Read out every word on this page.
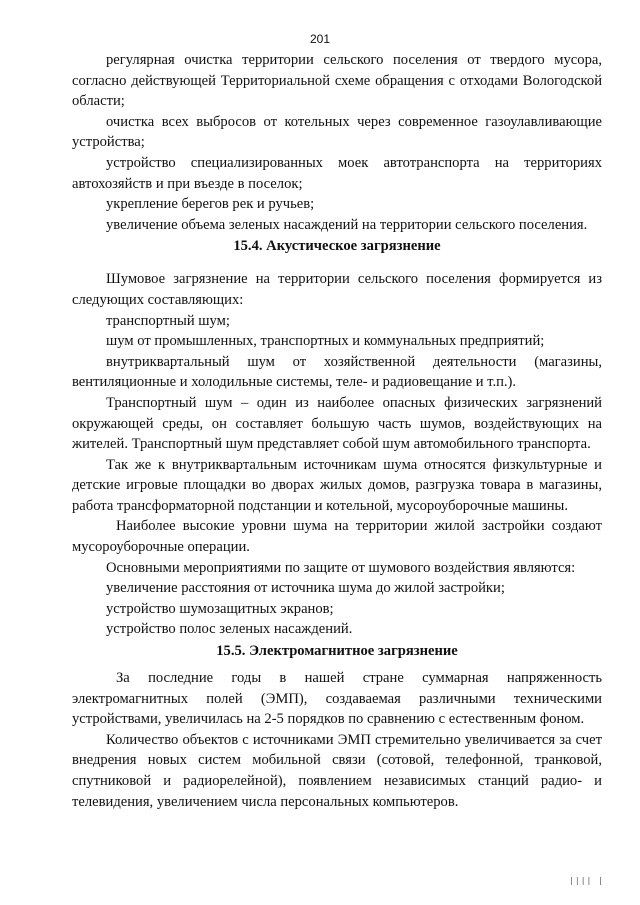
201

регулярная очистка территории сельского поселения от твердого мусора, согласно действующей Территориальной схеме обращения с отходами Вологодской области;

очистка всех выбросов от котельных через современное газоулавливающие устройства;

устройство специализированных моек автотранспорта на территориях автохозяйств и при въезде в поселок;

укрепление берегов рек и ручьев;

увеличение объема зеленых насаждений на территории сельского поселения.

15.4. Акустическое загрязнение

Шумовое загрязнение на территории сельского поселения формируется из следующих составляющих:

транспортный шум;

шум от промышленных, транспортных и коммунальных предприятий;

внутриквартальный шум от хозяйственной деятельности (магазины, вентиляционные и холодильные системы, теле- и радиовещание и т.п.).

Транспортный шум – один из наиболее опасных физических загрязнений окружающей среды, он составляет большую часть шумов, воздействующих на жителей. Транспортный шум представляет собой шум автомобильного транспорта.

Так же к внутриквартальным источникам шума относятся физкультурные и детские игровые площадки во дворах жилых домов, разгрузка товара в магазины, работа трансформаторной подстанции и котельной, мусороуборочные машины.

Наиболее высокие уровни шума на территории жилой застройки создают мусороуборочные операции.

Основными мероприятиями по защите от шумового воздействия являются:

увеличение расстояния от источника шума до жилой застройки;

устройство шумозащитных экранов;

устройство полос зеленых насаждений.

15.5. Электромагнитное загрязнение

За последние годы в нашей стране суммарная напряженность электромагнитных полей (ЭМП), создаваемая различными техническими устройствами, увеличилась на 2-5 порядков по сравнению с естественным фоном.

Количество объектов с источниками ЭМП стремительно увеличивается за счет внедрения новых систем мобильной связи (сотовой, телефонной, транковой, спутниковой и радиорелейной), появлением независимых станций радио- и телевидения, увеличением числа персональных компьютеров.

|||| |
